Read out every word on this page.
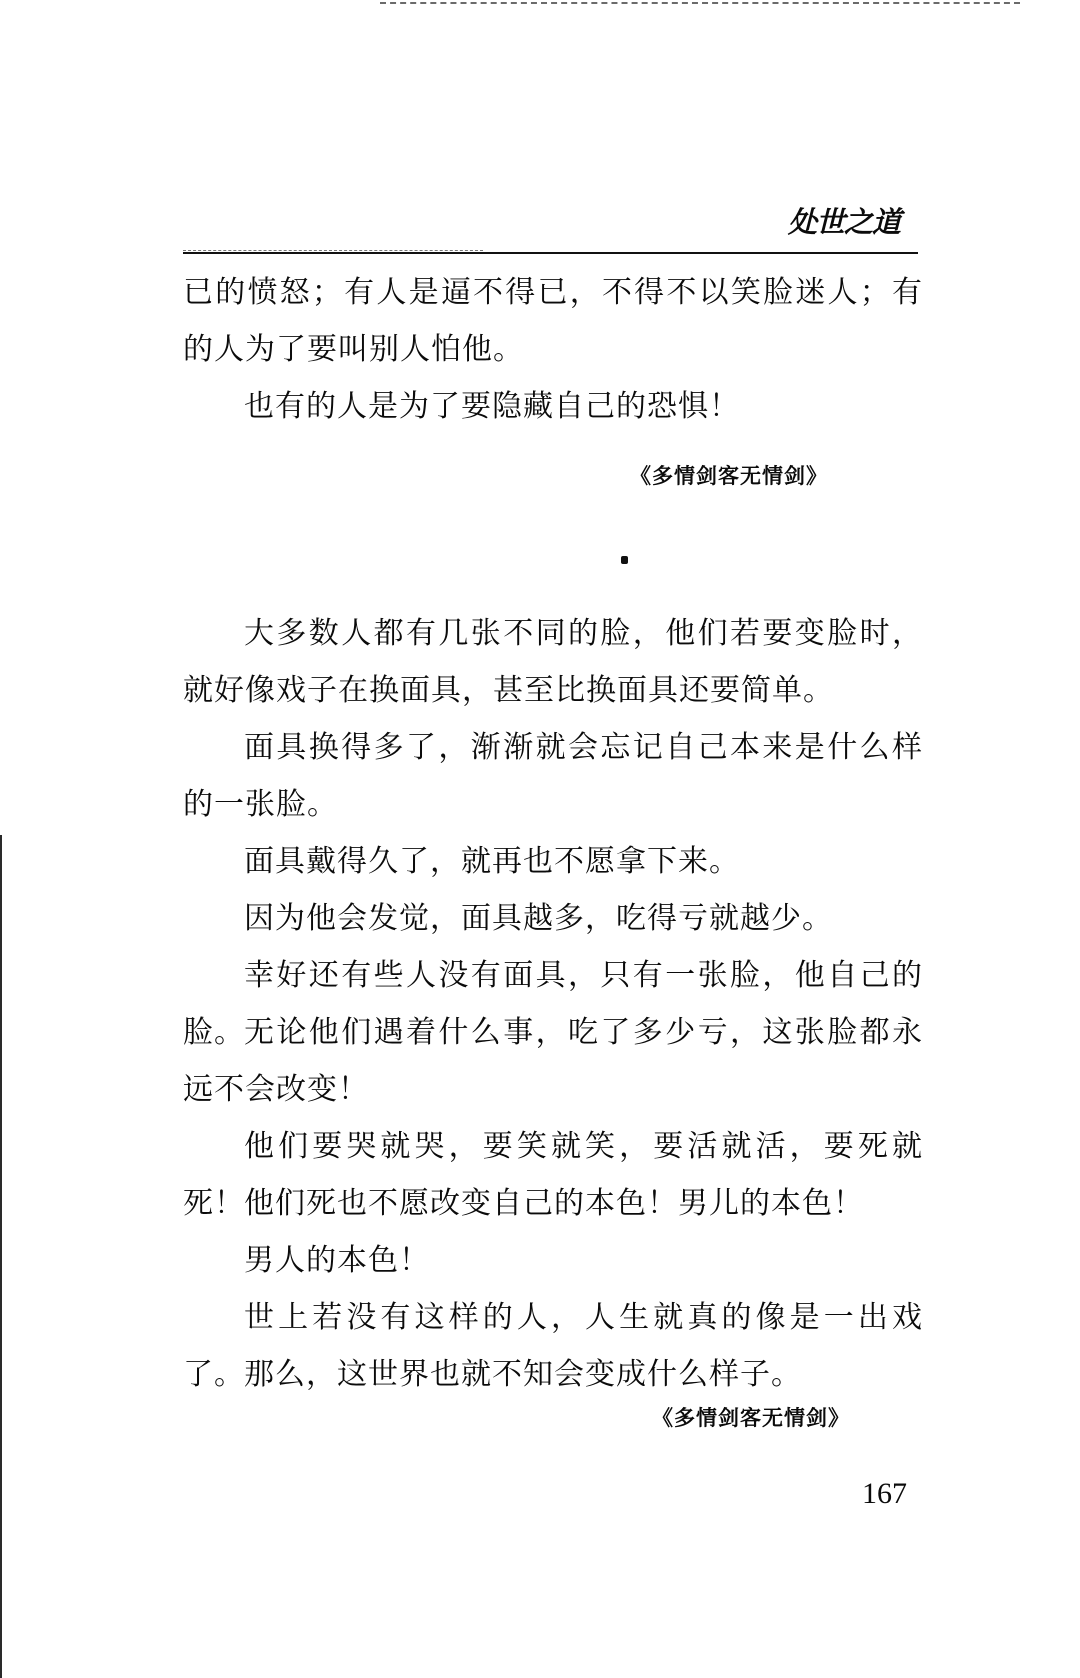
处世之道

已的愤怒；有人是逼不得已，不得不以笑脸迷人；有的人为了要叫别人怕他。

也有的人是为了要隐藏自己的恐惧！

《多情剑客无情剑》

大多数人都有几张不同的脸，他们若要变脸时，就好像戏子在换面具，甚至比换面具还要简单。

面具换得多了，渐渐就会忘记自己本来是什么样的一张脸。

面具戴得久了，就再也不愿拿下来。

因为他会发觉，面具越多，吃得亏就越少。

幸好还有些人没有面具，只有一张脸，他自己的脸。 无论他们遇着什么事，吃了多少亏，这张脸都永远不会改变！

他们要哭就哭，要笑就笑，要活就活，要死就死！ 他们死也不愿改变自己的本色！男儿的本色！

男人的本色！

世上若没有这样的人，人生就真的像是一出戏了。 那么，这世界也就不知会变成什么样子。

《多情剑客无情剑》
167
